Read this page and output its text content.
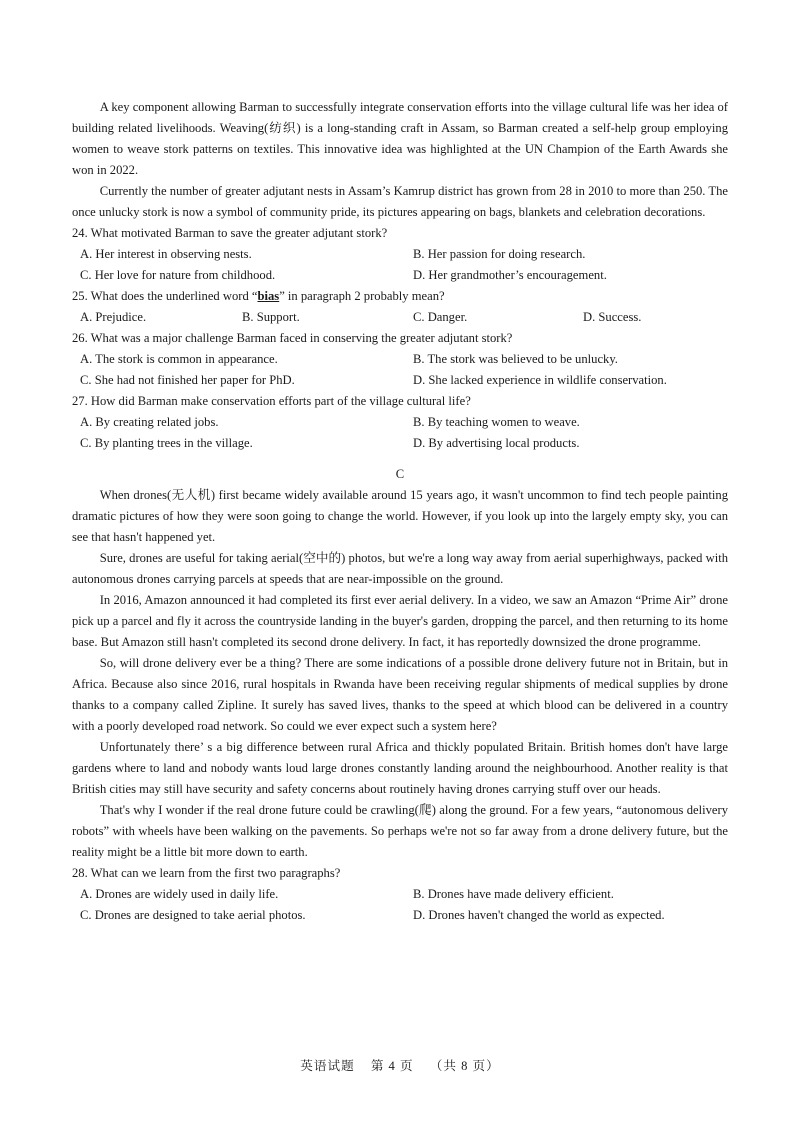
A key component allowing Barman to successfully integrate conservation efforts into the village cultural life was her idea of building related livelihoods. Weaving(纺织) is a long-standing craft in Assam, so Barman created a self-help group employing women to weave stork patterns on textiles. This innovative idea was highlighted at the UN Champion of the Earth Awards she won in 2022.

Currently the number of greater adjutant nests in Assam’s Kamrup district has grown from 28 in 2010 to more than 250. The once unlucky stork is now a symbol of community pride, its pictures appearing on bags, blankets and celebration decorations.

24. What motivated Barman to save the greater adjutant stork?

A. Her interest in observing nests.	B. Her passion for doing research.
C. Her love for nature from childhood.	D. Her grandmother’s encouragement.

25. What does the underlined word “bias” in paragraph 2 probably mean?

A. Prejudice.	B. Support.	C. Danger.	D. Success.

26. What was a major challenge Barman faced in conserving the greater adjutant stork?

A. The stork is common in appearance.	B. The stork was believed to be unlucky.
C. She had not finished her paper for PhD.	D. She lacked experience in wildlife conservation.

27. How did Barman make conservation efforts part of the village cultural life?

A. By creating related jobs.	B. By teaching women to weave.
C. By planting trees in the village.	D. By advertising local products.

C

When drones(无人机) first became widely available around 15 years ago, it wasn't uncommon to find tech people painting dramatic pictures of how they were soon going to change the world. However, if you look up into the largely empty sky, you can see that hasn't happened yet.

Sure, drones are useful for taking aerial(空中的) photos, but we're a long way away from aerial superhighways, packed with autonomous drones carrying parcels at speeds that are near-impossible on the ground.

In 2016, Amazon announced it had completed its first ever aerial delivery. In a video, we saw an Amazon “Prime Air” drone pick up a parcel and fly it across the countryside landing in the buyer's garden, dropping the parcel, and then returning to its home base. But Amazon still hasn't completed its second drone delivery. In fact, it has reportedly downsized the drone programme.

So, will drone delivery ever be a thing? There are some indications of a possible drone delivery future not in Britain, but in Africa. Because also since 2016, rural hospitals in Rwanda have been receiving regular shipments of medical supplies by drone thanks to a company called Zipline. It surely has saved lives, thanks to the speed at which blood can be delivered in a country with a poorly developed road network. So could we ever expect such a system here?

Unfortunately there’ s a big difference between rural Africa and thickly populated Britain. British homes don't have large gardens where to land and nobody wants loud large drones constantly landing around the neighbourhood. Another reality is that British cities may still have security and safety concerns about routinely having drones carrying stuff over our heads.

That's why I wonder if the real drone future could be crawling(爬) along the ground. For a few years, “autonomous delivery robots” with wheels have been walking on the pavements. So perhaps we're not so far away from a drone delivery future, but the reality might be a little bit more down to earth.

28. What can we learn from the first two paragraphs?

A. Drones are widely used in daily life.	B. Drones have made delivery efficient.
C. Drones are designed to take aerial photos.	D. Drones haven't changed the world as expected.
英语试题 第 4 页 （共 8 页）
